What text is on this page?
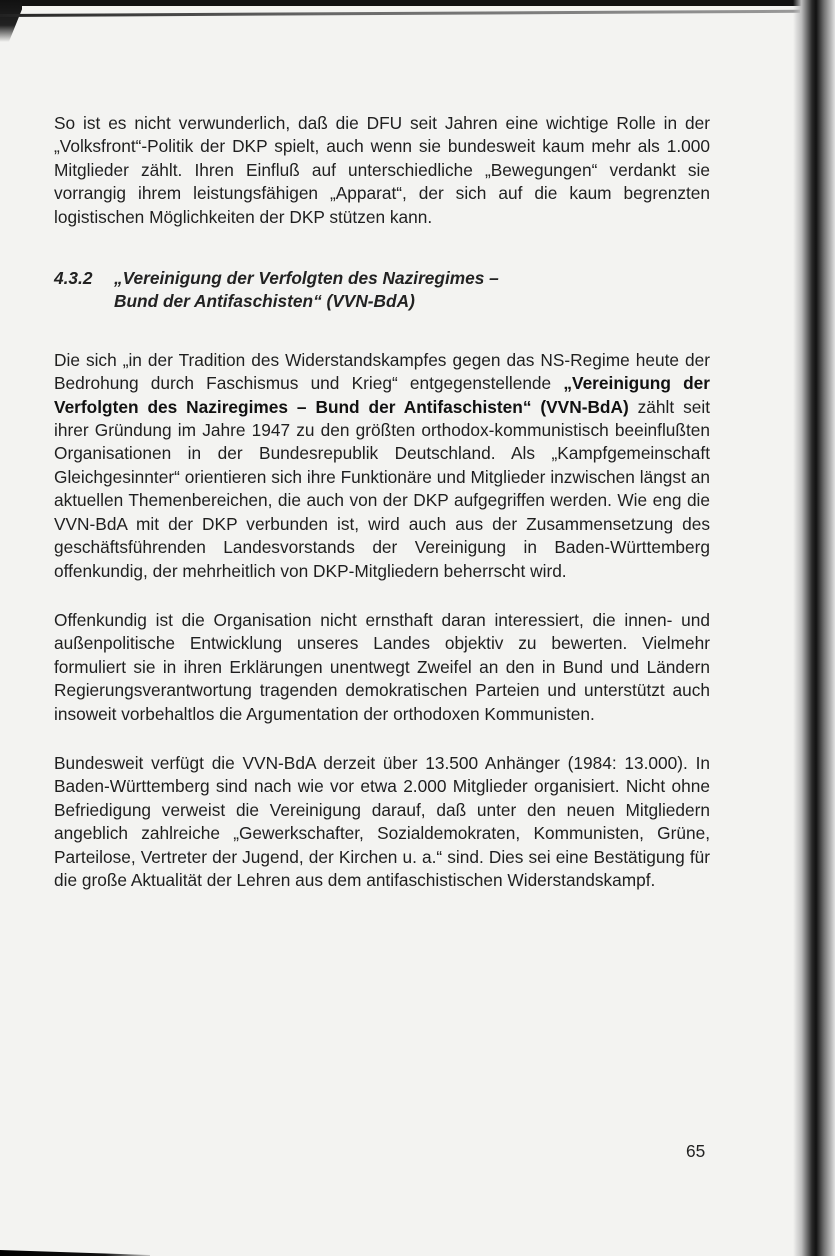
So ist es nicht verwunderlich, daß die DFU seit Jahren eine wichtige Rolle in der „Volksfront“-Politik der DKP spielt, auch wenn sie bundesweit kaum mehr als 1.000 Mitglieder zählt. Ihren Einfluß auf unterschiedliche „Bewegungen“ verdankt sie vorrangig ihrem leistungsfähigen „Apparat“, der sich auf die kaum begrenzten logistischen Möglichkeiten der DKP stützen kann.

4.3.2 „Vereinigung der Verfolgten des Naziregimes –
Bund der Antifaschisten“ (VVN-BdA)

Die sich „in der Tradition des Widerstandskampfes gegen das NS-Regime heute der Bedrohung durch Faschismus und Krieg“ entgegenstellende „Vereinigung der Verfolgten des Naziregimes – Bund der Antifaschisten“ (VVN-BdA) zählt seit ihrer Gründung im Jahre 1947 zu den größten orthodox-kommunistisch beeinflußten Organisationen in der Bundesrepublik Deutschland. Als „Kampfgemeinschaft Gleichgesinnter“ orientieren sich ihre Funktionäre und Mitglieder inzwischen längst an aktuellen Themenbereichen, die auch von der DKP aufgegriffen werden. Wie eng die VVN-BdA mit der DKP verbunden ist, wird auch aus der Zusammensetzung des geschäftsführenden Landesvorstands der Vereinigung in Baden-Württemberg offenkundig, der mehrheitlich von DKP-Mitgliedern beherrscht wird.

Offenkundig ist die Organisation nicht ernsthaft daran interessiert, die innen- und außenpolitische Entwicklung unseres Landes objektiv zu bewerten. Vielmehr formuliert sie in ihren Erklärungen unentwegt Zweifel an den in Bund und Ländern Regierungsverantwortung tragenden demokratischen Parteien und unterstützt auch insoweit vorbehaltlos die Argumentation der orthodoxen Kommunisten.

Bundesweit verfügt die VVN-BdA derzeit über 13.500 Anhänger (1984: 13.000). In Baden-Württemberg sind nach wie vor etwa 2.000 Mitglieder organisiert. Nicht ohne Befriedigung verweist die Vereinigung darauf, daß unter den neuen Mitgliedern angeblich zahlreiche „Gewerkschafter, Sozialdemokraten, Kommunisten, Grüne, Parteilose, Vertreter der Jugend, der Kirchen u. a.“ sind. Dies sei eine Bestätigung für die große Aktualität der Lehren aus dem antifaschistischen Widerstandskampf.

65
